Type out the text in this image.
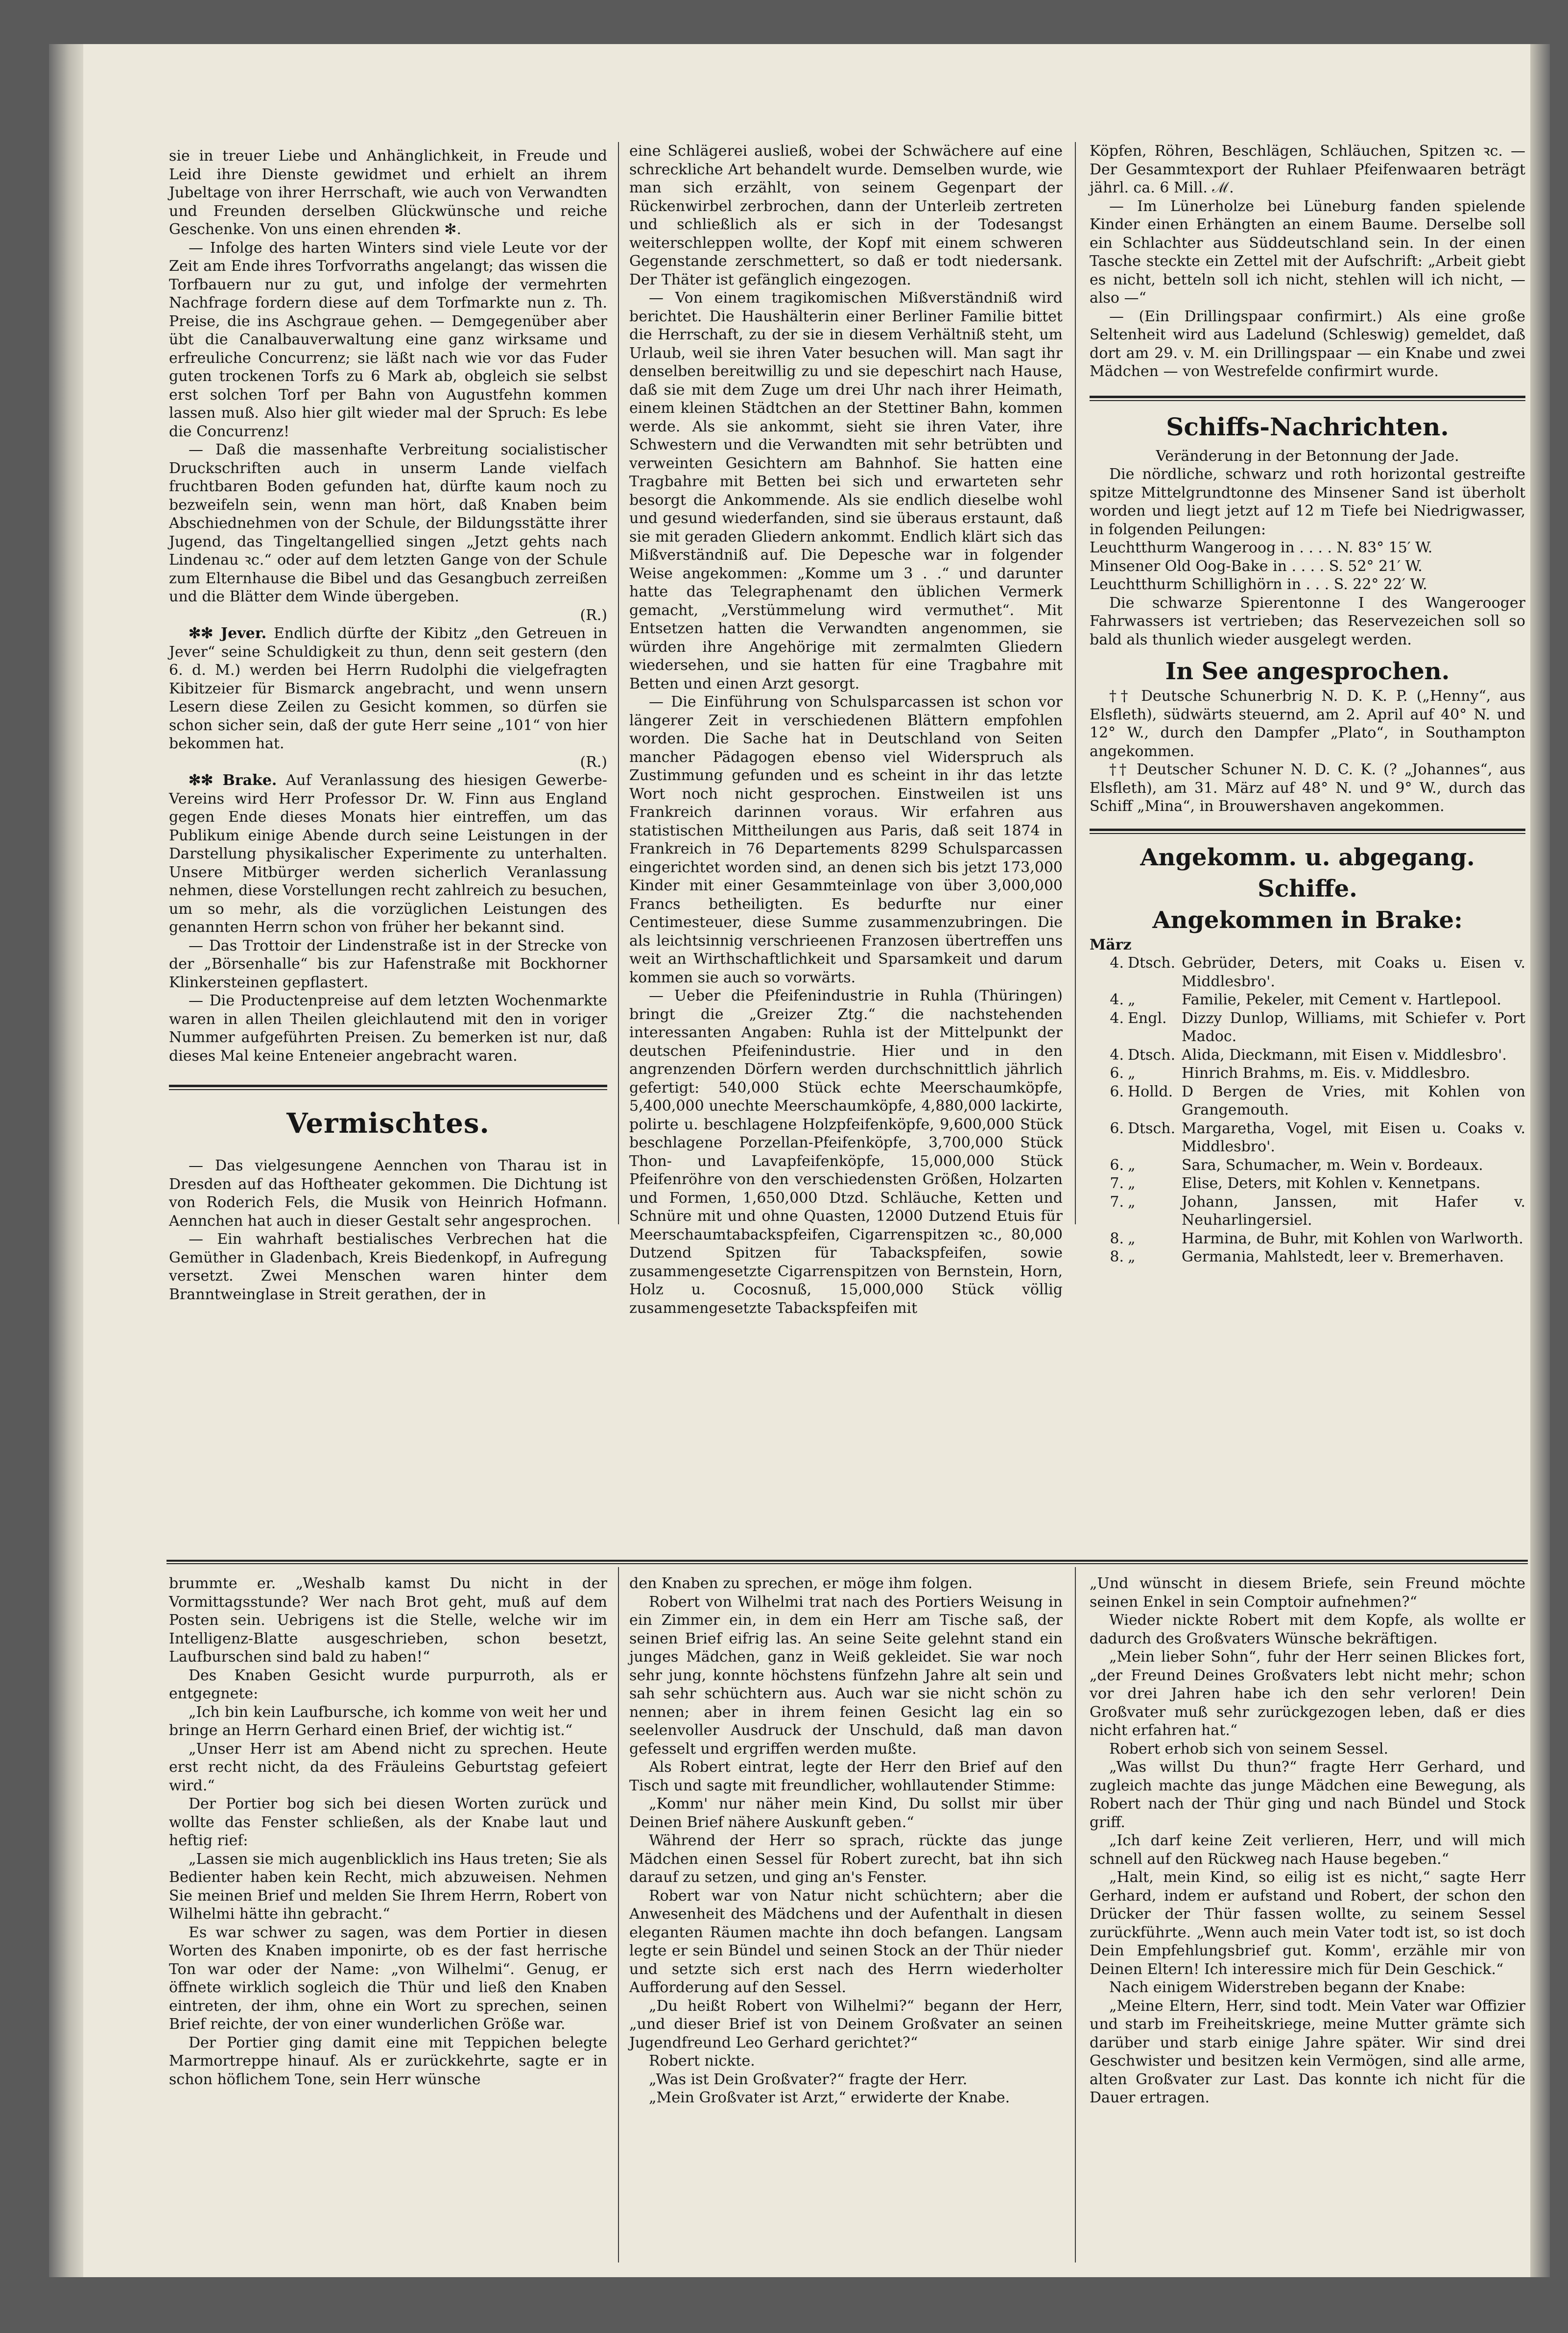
sie in treuer Liebe und Anhänglichkeit, in Freude und Leid ihre Dienste gewidmet und erhielt an ihrem Jubeltage von ihrer Herrschaft, wie auch von Verwandten und Freunden derselben Glückwünsche und reiche Geschenke. Von uns einen ehrenden ✻.

— Infolge des harten Winters sind viele Leute vor der Zeit am Ende ihres Torfvorraths angelangt; das wissen die Torfbauern nur zu gut, und infolge der vermehrten Nachfrage fordern diese auf dem Torfmarkte nun z. Th. Preise, die ins Aschgraue gehen. — Demgegenüber aber übt die Canalbauverwaltung eine ganz wirksame und erfreuliche Concurrenz; sie läßt nach wie vor das Fuder guten trockenen Torfs zu 6 Mark ab, obgleich sie selbst erst solchen Torf per Bahn von Augustfehn kommen lassen muß. Also hier gilt wieder mal der Spruch: Es lebe die Concurrenz!

— Daß die massenhafte Verbreitung socialistischer Druckschriften auch in unserm Lande vielfach fruchtbaren Boden gefunden hat, dürfte kaum noch zu bezweifeln sein, wenn man hört, daß Knaben beim Abschiednehmen von der Schule, der Bildungsstätte ihrer Jugend, das Tingeltangellied singen „Jetzt gehts nach Lindenau ꝛc.“ oder auf dem letzten Gange von der Schule zum Elternhause die Bibel und das Gesangbuch zerreißen und die Blätter dem Winde übergeben.

(R.)

✻✻ Jever. Endlich dürfte der Kibitz „den Getreuen in Jever“ seine Schuldigkeit zu thun, denn seit gestern (den 6. d. M.) werden bei Herrn Rudolphi die vielgefragten Kibitzeier für Bismarck angebracht, und wenn unsern Lesern diese Zeilen zu Gesicht kommen, so dürfen sie schon sicher sein, daß der gute Herr seine „101“ von hier bekommen hat.

(R.)

✻✻ Brake. Auf Veranlassung des hiesigen Gewerbe-Vereins wird Herr Professor Dr. W. Finn aus England gegen Ende dieses Monats hier eintreffen, um das Publikum einige Abende durch seine Leistungen in der Darstellung physikalischer Experimente zu unterhalten. Unsere Mitbürger werden sicherlich Veranlassung nehmen, diese Vorstellungen recht zahlreich zu besuchen, um so mehr, als die vorzüglichen Leistungen des genannten Herrn schon von früher her bekannt sind.

— Das Trottoir der Lindenstraße ist in der Strecke von der „Börsenhalle“ bis zur Hafenstraße mit Bockhorner Klinkersteinen gepflastert.

— Die Productenpreise auf dem letzten Wochenmarkte waren in allen Theilen gleichlautend mit den in voriger Nummer aufgeführten Preisen. Zu bemerken ist nur, daß dieses Mal keine Enteneier angebracht waren.

Vermischtes.

— Das vielgesungene Aennchen von Tharau ist in Dresden auf das Hoftheater gekommen. Die Dichtung ist von Roderich Fels, die Musik von Heinrich Hofmann. Aennchen hat auch in dieser Gestalt sehr angesprochen.

— Ein wahrhaft bestialisches Verbrechen hat die Gemüther in Gladenbach, Kreis Biedenkopf, in Aufregung versetzt. Zwei Menschen waren hinter dem Branntweinglase in Streit gerathen, der in

eine Schlägerei ausließ, wobei der Schwächere auf eine schreckliche Art behandelt wurde. Demselben wurde, wie man sich erzählt, von seinem Gegenpart der Rückenwirbel zerbrochen, dann der Unterleib zertreten und schließlich als er sich in der Todesangst weiterschleppen wollte, der Kopf mit einem schweren Gegenstande zerschmettert, so daß er todt niedersank. Der Thäter ist gefänglich eingezogen.

— Von einem tragikomischen Mißverständniß wird berichtet. Die Haushälterin einer Berliner Familie bittet die Herrschaft, zu der sie in diesem Verhältniß steht, um Urlaub, weil sie ihren Vater besuchen will. Man sagt ihr denselben bereitwillig zu und sie depeschirt nach Hause, daß sie mit dem Zuge um drei Uhr nach ihrer Heimath, einem kleinen Städtchen an der Stettiner Bahn, kommen werde. Als sie ankommt, sieht sie ihren Vater, ihre Schwestern und die Verwandten mit sehr betrübten und verweinten Gesichtern am Bahnhof. Sie hatten eine Tragbahre mit Betten bei sich und erwarteten sehr besorgt die Ankommende. Als sie endlich dieselbe wohl und gesund wiederfanden, sind sie überaus erstaunt, daß sie mit geraden Gliedern ankommt. Endlich klärt sich das Mißverständniß auf. Die Depesche war in folgender Weise angekommen: „Komme um 3 . .“ und darunter hatte das Telegraphenamt den üblichen Vermerk gemacht, „Verstümmelung wird vermuthet“. Mit Entsetzen hatten die Verwandten angenommen, sie würden ihre Angehörige mit zermalmten Gliedern wiedersehen, und sie hatten für eine Tragbahre mit Betten und einen Arzt gesorgt.

— Die Einführung von Schulsparcassen ist schon vor längerer Zeit in verschiedenen Blättern empfohlen worden. Die Sache hat in Deutschland von Seiten mancher Pädagogen ebenso viel Widerspruch als Zustimmung gefunden und es scheint in ihr das letzte Wort noch nicht gesprochen. Einstweilen ist uns Frankreich darinnen voraus. Wir erfahren aus statistischen Mittheilungen aus Paris, daß seit 1874 in Frankreich in 76 Departements 8299 Schulsparcassen eingerichtet worden sind, an denen sich bis jetzt 173,000 Kinder mit einer Gesammteinlage von über 3,000,000 Francs betheiligten. Es bedurfte nur einer Centimesteuer, diese Summe zusammenzubringen. Die als leichtsinnig verschrieenen Franzosen übertreffen uns weit an Wirthschaftlichkeit und Sparsamkeit und darum kommen sie auch so vorwärts.

— Ueber die Pfeifenindustrie in Ruhla (Thüringen) bringt die „Greizer Ztg.“ die nachstehenden interessanten Angaben: Ruhla ist der Mittelpunkt der deutschen Pfeifenindustrie. Hier und in den angrenzenden Dörfern werden durchschnittlich jährlich gefertigt: 540,000 Stück echte Meerschaumköpfe, 5,400,000 unechte Meerschaumköpfe, 4,880,000 lackirte, polirte u. beschlagene Holzpfeifenköpfe, 9,600,000 Stück beschlagene Porzellan-Pfeifenköpfe, 3,700,000 Stück Thon- und Lavapfeifenköpfe, 15,000,000 Stück Pfeifenröhre von den verschiedensten Größen, Holzarten und Formen, 1,650,000 Dtzd. Schläuche, Ketten und Schnüre mit und ohne Quasten, 12000 Dutzend Etuis für Meerschaumtabackspfeifen, Cigarrenspitzen ꝛc., 80,000 Dutzend Spitzen für Tabackspfeifen, sowie zusammengesetzte Cigarrenspitzen von Bernstein, Horn, Holz u. Cocosnuß, 15,000,000 Stück völlig zusammengesetzte Tabackspfeifen mit

Köpfen, Röhren, Beschlägen, Schläuchen, Spitzen ꝛc. — Der Gesammtexport der Ruhlaer Pfeifenwaaren beträgt jährl. ca. 6 Mill. ℳ.

— Im Lünerholze bei Lüneburg fanden spielende Kinder einen Erhängten an einem Baume. Derselbe soll ein Schlachter aus Süddeutschland sein. In der einen Tasche steckte ein Zettel mit der Aufschrift: „Arbeit giebt es nicht, betteln soll ich nicht, stehlen will ich nicht, — also —“

— (Ein Drillingspaar confirmirt.) Als eine große Seltenheit wird aus Ladelund (Schleswig) gemeldet, daß dort am 29. v. M. ein Drillingspaar — ein Knabe und zwei Mädchen — von Westrefelde confirmirt wurde.

Schiffs-Nachrichten.

Veränderung in der Betonnung der Jade.

Die nördliche, schwarz und roth horizontal gestreifte spitze Mittelgrundtonne des Minsener Sand ist überholt worden und liegt jetzt auf 12 m Tiefe bei Niedrigwasser, in folgenden Peilungen:

Leuchtthurm Wangeroog in . . . . N. 83° 15′ W.

Minsener Old Oog-Bake in . . . . S. 52° 21′ W.

Leuchtthurm Schillighörn in . . . S. 22° 22′ W.

Die schwarze Spierentonne I des Wangerooger Fahrwassers ist vertrieben; das Reservezeichen soll so bald als thunlich wieder ausgelegt werden.

In See angesprochen.

†† Deutsche Schunerbrig N. D. K. P. („Henny“, aus Elsfleth), südwärts steuernd, am 2. April auf 40° N. und 12° W., durch den Dampfer „Plato“, in Southampton angekommen.

†† Deutscher Schuner N. D. C. K. (? „Johannes“, aus Elsfleth), am 31. März auf 48° N. und 9° W., durch das Schiff „Mina“, in Brouwershaven angekommen.

Angekomm. u. abgegang. Schiffe.

Angekommen in Brake:

März

4.	Dtsch.	Gebrüder, Deters, mit Coaks u. Eisen v. Middlesbro'.
4.	„	Familie, Pekeler, mit Cement v. Hartlepool.
4.	Engl.	Dizzy Dunlop, Williams, mit Schiefer v. Port Madoc.
4.	Dtsch.	Alida, Dieckmann, mit Eisen v. Middlesbro'.
6.	„	Hinrich Brahms, m. Eis. v. Middlesbro.
6.	Holld.	D Bergen de Vries, mit Kohlen von Grangemouth.
6.	Dtsch.	Margaretha, Vogel, mit Eisen u. Coaks v. Middlesbro'.
6.	„	Sara, Schumacher, m. Wein v. Bordeaux.
7.	„	Elise, Deters, mit Kohlen v. Kennetpans.
7.	„	Johann, Janssen, mit Hafer v. Neuharlingersiel.
8.	„	Harmina, de Buhr, mit Kohlen von Warlworth.
8.	„	Germania, Mahlstedt, leer v. Bremerhaven.

brummte er. „Weshalb kamst Du nicht in der Vormittagsstunde? Wer nach Brot geht, muß auf dem Posten sein. Uebrigens ist die Stelle, welche wir im Intelligenz-Blatte ausgeschrieben, schon besetzt, Laufburschen sind bald zu haben!“

Des Knaben Gesicht wurde purpurroth, als er entgegnete:

„Ich bin kein Laufbursche, ich komme von weit her und bringe an Herrn Gerhard einen Brief, der wichtig ist.“

„Unser Herr ist am Abend nicht zu sprechen. Heute erst recht nicht, da des Fräuleins Geburtstag gefeiert wird.“

Der Portier bog sich bei diesen Worten zurück und wollte das Fenster schließen, als der Knabe laut und heftig rief:

„Lassen sie mich augenblicklich ins Haus treten; Sie als Bedienter haben kein Recht, mich abzuweisen. Nehmen Sie meinen Brief und melden Sie Ihrem Herrn, Robert von Wilhelmi hätte ihn gebracht.“

Es war schwer zu sagen, was dem Portier in diesen Worten des Knaben imponirte, ob es der fast herrische Ton war oder der Name: „von Wilhelmi“. Genug, er öffnete wirklich sogleich die Thür und ließ den Knaben eintreten, der ihm, ohne ein Wort zu sprechen, seinen Brief reichte, der von einer wunderlichen Größe war.

Der Portier ging damit eine mit Teppichen belegte Marmortreppe hinauf. Als er zurückkehrte, sagte er in schon höflichem Tone, sein Herr wünsche

den Knaben zu sprechen, er möge ihm folgen.

Robert von Wilhelmi trat nach des Portiers Weisung in ein Zimmer ein, in dem ein Herr am Tische saß, der seinen Brief eifrig las. An seine Seite gelehnt stand ein junges Mädchen, ganz in Weiß gekleidet. Sie war noch sehr jung, konnte höchstens fünfzehn Jahre alt sein und sah sehr schüchtern aus. Auch war sie nicht schön zu nennen; aber in ihrem feinen Gesicht lag ein so seelenvoller Ausdruck der Unschuld, daß man davon gefesselt und ergriffen werden mußte.

Als Robert eintrat, legte der Herr den Brief auf den Tisch und sagte mit freundlicher, wohllautender Stimme:

„Komm' nur näher mein Kind, Du sollst mir über Deinen Brief nähere Auskunft geben.“

Während der Herr so sprach, rückte das junge Mädchen einen Sessel für Robert zurecht, bat ihn sich darauf zu setzen, und ging an's Fenster.

Robert war von Natur nicht schüchtern; aber die Anwesenheit des Mädchens und der Aufenthalt in diesen eleganten Räumen machte ihn doch befangen. Langsam legte er sein Bündel und seinen Stock an der Thür nieder und setzte sich erst nach des Herrn wiederholter Aufforderung auf den Sessel.

„Du heißt Robert von Wilhelmi?“ begann der Herr, „und dieser Brief ist von Deinem Großvater an seinen Jugendfreund Leo Gerhard gerichtet?“

Robert nickte.

„Was ist Dein Großvater?“ fragte der Herr.

„Mein Großvater ist Arzt,“ erwiderte der Knabe.

„Und wünscht in diesem Briefe, sein Freund möchte seinen Enkel in sein Comptoir aufnehmen?“

Wieder nickte Robert mit dem Kopfe, als wollte er dadurch des Großvaters Wünsche bekräftigen.

„Mein lieber Sohn“, fuhr der Herr seinen Blickes fort, „der Freund Deines Großvaters lebt nicht mehr; schon vor drei Jahren habe ich den sehr verloren! Dein Großvater muß sehr zurückgezogen leben, daß er dies nicht erfahren hat.“

Robert erhob sich von seinem Sessel.

„Was willst Du thun?“ fragte Herr Gerhard, und zugleich machte das junge Mädchen eine Bewegung, als Robert nach der Thür ging und nach Bündel und Stock griff.

„Ich darf keine Zeit verlieren, Herr, und will mich schnell auf den Rückweg nach Hause begeben.“

„Halt, mein Kind, so eilig ist es nicht,“ sagte Herr Gerhard, indem er aufstand und Robert, der schon den Drücker der Thür fassen wollte, zu seinem Sessel zurückführte. „Wenn auch mein Vater todt ist, so ist doch Dein Empfehlungsbrief gut. Komm', erzähle mir von Deinen Eltern! Ich interessire mich für Dein Geschick.“

Nach einigem Widerstreben begann der Knabe:

„Meine Eltern, Herr, sind todt. Mein Vater war Offizier und starb im Freiheitskriege, meine Mutter grämte sich darüber und starb einige Jahre später. Wir sind drei Geschwister und besitzen kein Vermögen, sind alle arme, alten Großvater zur Last. Das konnte ich nicht für die Dauer ertragen.
